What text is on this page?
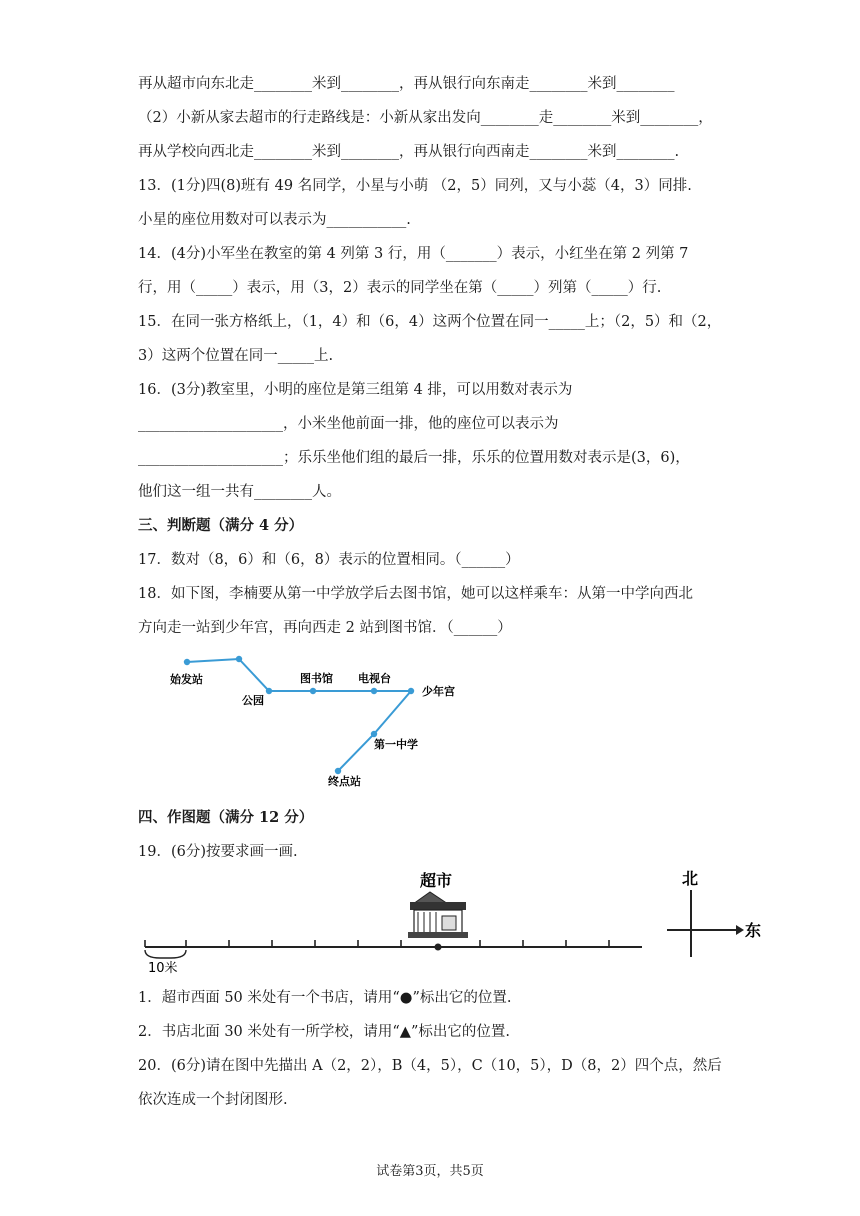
再从超市向东北走________米到________，再从银行向东南走________米到________
（2）小新从家去超市的行走路线是：小新从家出发向________走________米到________，
再从学校向西北走________米到________，再从银行向西南走________米到________.
13．(1分)四(8)班有 49 名同学，小星与小萌 （2，5）同列，又与小蕊（4，3）同排.
小星的座位用数对可以表示为___________.
14．(4分)小军坐在教室的第 4 列第 3 行，用（_______）表示，小红坐在第 2 列第 7
行，用（_____）表示，用（3，2）表示的同学坐在第（_____）列第（_____）行.
15．在同一张方格纸上，（1，4）和（6，4）这两个位置在同一_____上；（2，5）和（2，
3）这两个位置在同一_____上.
16．(3分)教室里，小明的座位是第三组第 4 排，可以用数对表示为
____________________，小米坐他前面一排，他的座位可以表示为
____________________；乐乐坐他们组的最后一排，乐乐的位置用数对表示是(3，6)，
他们这一组一共有________人。
三、判断题（满分 4 分）
17．数对（8，6）和（6，8）表示的位置相同。（______）
18．如下图，李楠要从第一中学放学后去图书馆，她可以这样乘车：从第一中学向西北
方向走一站到少年宫，再向西走 2 站到图书馆．（______）
始发站
公园
图书馆 电视台
少年宫
第一中学
终点站
四、作图题（满分 12 分）
19．(6分)按要求画一画.
超市
10米
北
东
1．超市西面 50 米处有一个书店，请用“●”标出它的位置.
2．书店北面 30 米处有一所学校，请用“▲”标出它的位置.
20．(6分)请在图中先描出 A（2，2），B（4，5），C（10，5），D（8，2）四个点，然后
依次连成一个封闭图形.
试卷第3页，共5页
